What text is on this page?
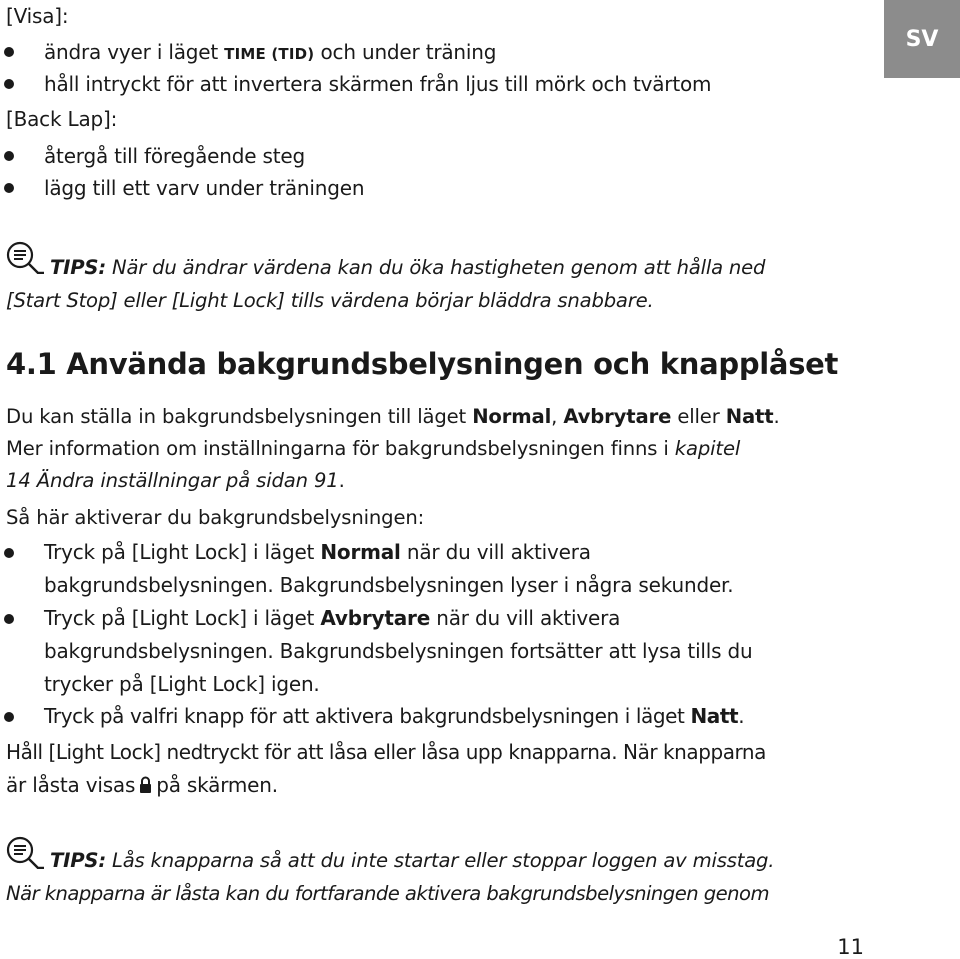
SV
[Visa]:
ändra vyer i läget TIME (TID) och under träning
håll intryckt för att invertera skärmen från ljus till mörk och tvärtom
[Back Lap]:
återgå till föregående steg
lägg till ett varv under träningen
TIPS: När du ändrar värdena kan du öka hastigheten genom att hålla ned
[Start Stop] eller [Light Lock] tills värdena börjar bläddra snabbare.
4.1 Använda bakgrundsbelysningen och knapplåset
Du kan ställa in bakgrundsbelysningen till läget Normal, Avbrytare eller Natt.
Mer information om inställningarna för bakgrundsbelysningen finns i kapitel
14 Ändra inställningar på sidan 91.
Så här aktiverar du bakgrundsbelysningen:
Tryck på [Light Lock] i läget Normal när du vill aktivera
bakgrundsbelysningen. Bakgrundsbelysningen lyser i några sekunder.
Tryck på [Light Lock] i läget Avbrytare när du vill aktivera
bakgrundsbelysningen. Bakgrundsbelysningen fortsätter att lysa tills du
trycker på [Light Lock] igen.
Tryck på valfri knapp för att aktivera bakgrundsbelysningen i läget Natt.
Håll [Light Lock] nedtryckt för att låsa eller låsa upp knapparna. När knapparna
är låsta visas på skärmen.
TIPS: Lås knapparna så att du inte startar eller stoppar loggen av misstag.
När knapparna är låsta kan du fortfarande aktivera bakgrundsbelysningen genom
11
